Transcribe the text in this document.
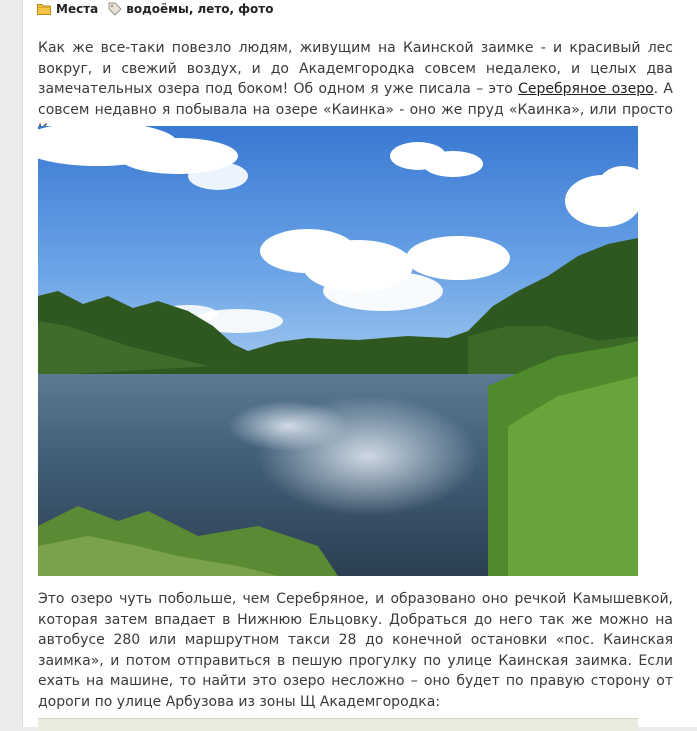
Места водоёмы , лето , фото
Как же все-таки повезло людям, живущим на Каинской заимке - и красивый лес вокруг, и свежий воздух, и до Академгородка совсем недалеко, и целых два замечательных озера под боком! Об одном я уже писала – это Серебряное озеро. А совсем недавно я побывала на озере «Каинка» - оно же пруд «Каинка», или просто
Это озеро чуть побольше, чем Серебряное, и образовано оно речкой Камышевкой, которая затем впадает в Нижнюю Ельцовку. Добраться до него так же можно на автобусе 280 или маршрутном такси 28 до конечной остановки «пос. Каинская заимка», и потом отправиться в пешую прогулку по улице Каинская заимка. Если ехать на машине, то найти это озеро несложно – оно будет по правую сторону от дороги по улице Арбузова из зоны Щ Академгородка:
